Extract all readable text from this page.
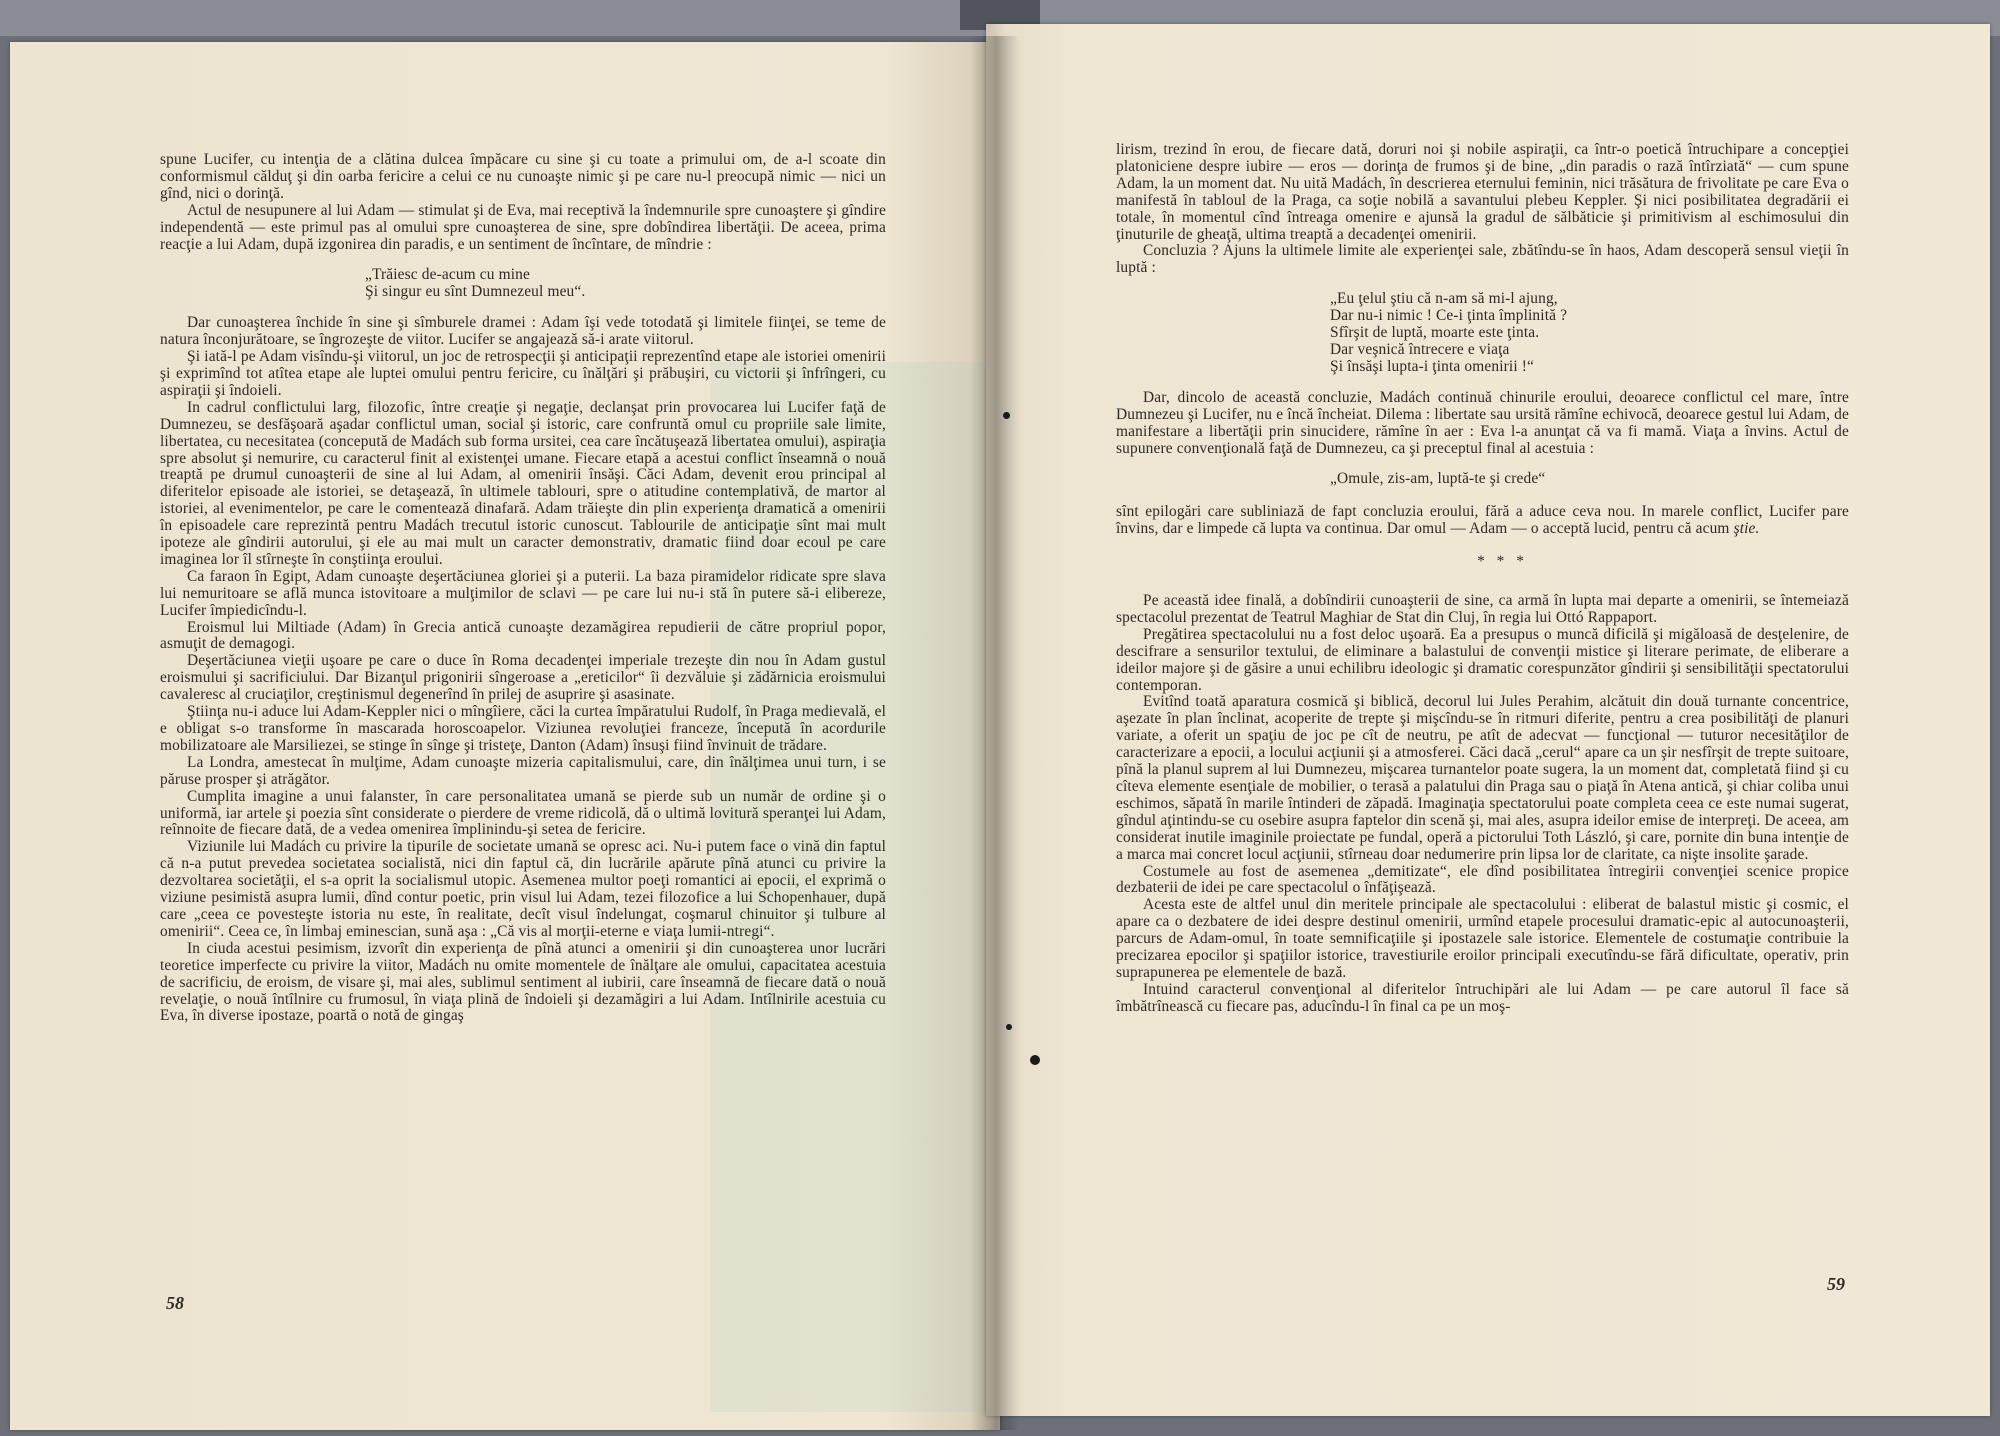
spune Lucifer, cu intenţia de a clătina dulcea împăcare cu sine şi cu toate a primului om, de a-l scoate din conformismul călduţ şi din oarba fericire a celui ce nu cunoaşte nimic şi pe care nu-l preocupă nimic — nici un gînd, nici o dorinţă.

Actul de nesupunere al lui Adam — stimulat şi de Eva, mai receptivă la îndemnurile spre cunoaştere şi gîndire independentă — este primul pas al omului spre cunoaşterea de sine, spre dobîndirea libertăţii. De aceea, prima reacţie a lui Adam, după izgonirea din paradis, e un sentiment de încîntare, de mîndrie :

„Trăiesc de-acum cu mine
Şi singur eu sînt Dumnezeul meu“.

Dar cunoaşterea închide în sine şi sîmburele dramei : Adam îşi vede totodată şi limitele fiinţei, se teme de natura înconjurătoare, se îngrozeşte de viitor. Lucifer se angajează să-i arate viitorul.

Şi iată-l pe Adam visîndu-şi viitorul, un joc de retrospecţii şi anticipaţii reprezentînd etape ale istoriei omenirii şi exprimînd tot atîtea etape ale luptei omului pentru fericire, cu înălţări şi prăbuşiri, cu victorii şi înfrîngeri, cu aspiraţii şi îndoieli.

In cadrul conflictului larg, filozofic, între creaţie şi negaţie, declanşat prin provocarea lui Lucifer faţă de Dumnezeu, se desfăşoară aşadar conflictul uman, social şi istoric, care confruntă omul cu propriile sale limite, libertatea, cu necesitatea (concepută de Madách sub forma ursitei, cea care încătuşează libertatea omului), aspiraţia spre absolut şi nemurire, cu caracterul finit al existenţei umane. Fiecare etapă a acestui conflict înseamnă o nouă treaptă pe drumul cunoaşterii de sine al lui Adam, al omenirii însăşi. Căci Adam, devenit erou principal al diferitelor episoade ale istoriei, se detaşează, în ultimele tablouri, spre o atitudine contemplativă, de martor al istoriei, al evenimentelor, pe care le comentează dinafară. Adam trăieşte din plin experienţa dramatică a omenirii în episoadele care reprezintă pentru Madách trecutul istoric cunoscut. Tablourile de anticipaţie sînt mai mult ipoteze ale gîndirii autorului, şi ele au mai mult un caracter demonstrativ, dramatic fiind doar ecoul pe care imaginea lor îl stîrneşte în conştiinţa eroului.

Ca faraon în Egipt, Adam cunoaşte deşertăciunea gloriei şi a puterii. La baza piramidelor ridicate spre slava lui nemuritoare se află munca istovitoare a mulţimilor de sclavi — pe care lui nu-i stă în putere să-i elibereze, Lucifer împiedicîndu-l.

Eroismul lui Miltiade (Adam) în Grecia antică cunoaşte dezamăgirea repudierii de către propriul popor, asmuţit de demagogi.

Deşertăciunea vieţii uşoare pe care o duce în Roma decadenţei imperiale trezeşte din nou în Adam gustul eroismului şi sacrificiului. Dar Bizanţul prigonirii sîngeroase a „ereticilor“ îi dezvăluie şi zădărnicia eroismului cavaleresc al cruciaţilor, creştinismul degenerînd în prilej de asuprire şi asasinate.

Ştiinţa nu-i aduce lui Adam-Keppler nici o mîngîiere, căci la curtea împăratului Rudolf, în Praga medievală, el e obligat s-o transforme în mascarada horoscoapelor. Viziunea revoluţiei franceze, începută în acordurile mobilizatoare ale Marsiliezei, se stinge în sînge şi tristeţe, Danton (Adam) însuşi fiind învinuit de trădare.

La Londra, amestecat în mulţime, Adam cunoaşte mizeria capitalismului, care, din înălţimea unui turn, i se păruse prosper şi atrăgător.

Cumplita imagine a unui falanster, în care personalitatea umană se pierde sub un număr de ordine şi o uniformă, iar artele şi poezia sînt considerate o pierdere de vreme ridicolă, dă o ultimă lovitură speranţei lui Adam, reînnoite de fiecare dată, de a vedea omenirea împlinindu-şi setea de fericire.

Viziunile lui Madách cu privire la tipurile de societate umană se opresc aci. Nu-i putem face o vină din faptul că n-a putut prevedea societatea socialistă, nici din faptul că, din lucrările apărute pînă atunci cu privire la dezvoltarea societăţii, el s-a oprit la socialismul utopic. Asemenea multor poeţi romantici ai epocii, el exprimă o viziune pesimistă asupra lumii, dînd contur poetic, prin visul lui Adam, tezei filozofice a lui Schopenhauer, după care „ceea ce povesteşte istoria nu este, în realitate, decît visul îndelungat, coşmarul chinuitor şi tulbure al omenirii“. Ceea ce, în limbaj eminescian, sună aşa : „Că vis al morţii-eterne e viaţa lumii-ntregi“.

In ciuda acestui pesimism, izvorît din experienţa de pînă atunci a omenirii şi din cunoaşterea unor lucrări teoretice imperfecte cu privire la viitor, Madách nu omite momentele de înălţare ale omului, capacitatea acestuia de sacrificiu, de eroism, de visare şi, mai ales, sublimul sentiment al iubirii, care înseamnă de fiecare dată o nouă revelaţie, o nouă întîlnire cu frumosul, în viaţa plină de îndoieli şi dezamăgiri a lui Adam. Intîlnirile acestuia cu Eva, în diverse ipostaze, poartă o notă de gingaş

58

lirism, trezind în erou, de fiecare dată, doruri noi şi nobile aspiraţii, ca într-o poetică întruchipare a concepţiei platoniciene despre iubire — eros — dorinţa de frumos şi de bine, „din paradis o rază întîrziată“ — cum spune Adam, la un moment dat. Nu uită Madách, în descrierea eternului feminin, nici trăsătura de frivolitate pe care Eva o manifestă în tabloul de la Praga, ca soţie nobilă a savantului plebeu Keppler. Şi nici posibilitatea degradării ei totale, în momentul cînd întreaga omenire e ajunsă la gradul de sălbăticie şi primitivism al eschimosului din ţinuturile de gheaţă, ultima treaptă a decadenţei omenirii.

Concluzia ? Ajuns la ultimele limite ale experienţei sale, zbătîndu-se în haos, Adam descoperă sensul vieţii în luptă :

„Eu ţelul ştiu că n-am să mi-l ajung,
Dar nu-i nimic ! Ce-i ţinta împlinită ?
Sfîrşit de luptă, moarte este ţinta.
Dar veşnică întrecere e viaţa
Şi însăşi lupta-i ţinta omenirii !“

Dar, dincolo de această concluzie, Madách continuă chinurile eroului, deoarece conflictul cel mare, între Dumnezeu şi Lucifer, nu e încă încheiat. Dilema : libertate sau ursită rămîne echivocă, deoarece gestul lui Adam, de manifestare a libertăţii prin sinucidere, rămîne în aer : Eva l-a anunţat că va fi mamă. Viaţa a învins. Actul de supunere convenţională faţă de Dumnezeu, ca şi preceptul final al acestuia :

„Omule, zis-am, luptă-te şi crede“

sînt epilogări care subliniază de fapt concluzia eroului, fără a aduce ceva nou. In marele conflict, Lucifer pare învins, dar e limpede că lupta va continua. Dar omul — Adam — o acceptă lucid, pentru că acum ştie.

* * *

Pe această idee finală, a dobîndirii cunoaşterii de sine, ca armă în lupta mai departe a omenirii, se întemeiază spectacolul prezentat de Teatrul Maghiar de Stat din Cluj, în regia lui Ottó Rappaport.

Pregătirea spectacolului nu a fost deloc uşoară. Ea a presupus o muncă dificilă şi migăloasă de desţelenire, de descifrare a sensurilor textului, de eliminare a balastului de convenţii mistice şi literare perimate, de eliberare a ideilor majore şi de găsire a unui echilibru ideologic şi dramatic corespunzător gîndirii şi sensibilităţii spectatorului contemporan.

Evitînd toată aparatura cosmică şi biblică, decorul lui Jules Perahim, alcătuit din două turnante concentrice, aşezate în plan înclinat, acoperite de trepte şi mişcîndu-se în ritmuri diferite, pentru a crea posibilităţi de planuri variate, a oferit un spaţiu de joc pe cît de neutru, pe atît de adecvat — funcţional — tuturor necesităţilor de caracterizare a epocii, a locului acţiunii şi a atmosferei. Căci dacă „cerul“ apare ca un şir nesfîrşit de trepte suitoare, pînă la planul suprem al lui Dumnezeu, mişcarea turnantelor poate sugera, la un moment dat, completată fiind şi cu cîteva elemente esenţiale de mobilier, o terasă a palatului din Praga sau o piaţă în Atena antică, şi chiar coliba unui eschimos, săpată în marile întinderi de zăpadă. Imaginaţia spectatorului poate completa ceea ce este numai sugerat, gîndul aţintindu-se cu osebire asupra faptelor din scenă şi, mai ales, asupra ideilor emise de interpreţi. De aceea, am considerat inutile imaginile proiectate pe fundal, operă a pictorului Toth László, şi care, pornite din buna intenţie de a marca mai concret locul acţiunii, stîrneau doar nedumerire prin lipsa lor de claritate, ca nişte insolite şarade.

Costumele au fost de asemenea „demitizate“, ele dînd posibilitatea întregirii convenţiei scenice propice dezbaterii de idei pe care spectacolul o înfăţişează.

Acesta este de altfel unul din meritele principale ale spectacolului : eliberat de balastul mistic şi cosmic, el apare ca o dezbatere de idei despre destinul omenirii, urmînd etapele procesului dramatic-epic al autocunoaşterii, parcurs de Adam-omul, în toate semnificaţiile şi ipostazele sale istorice. Elementele de costumaţie contribuie la precizarea epocilor şi spaţiilor istorice, travestiurile eroilor principali executîndu-se fără dificultate, operativ, prin suprapunerea pe elementele de bază.

Intuind caracterul convenţional al diferitelor întruchipări ale lui Adam — pe care autorul îl face să îmbătrînească cu fiecare pas, aducîndu-l în final ca pe un moş-

59
